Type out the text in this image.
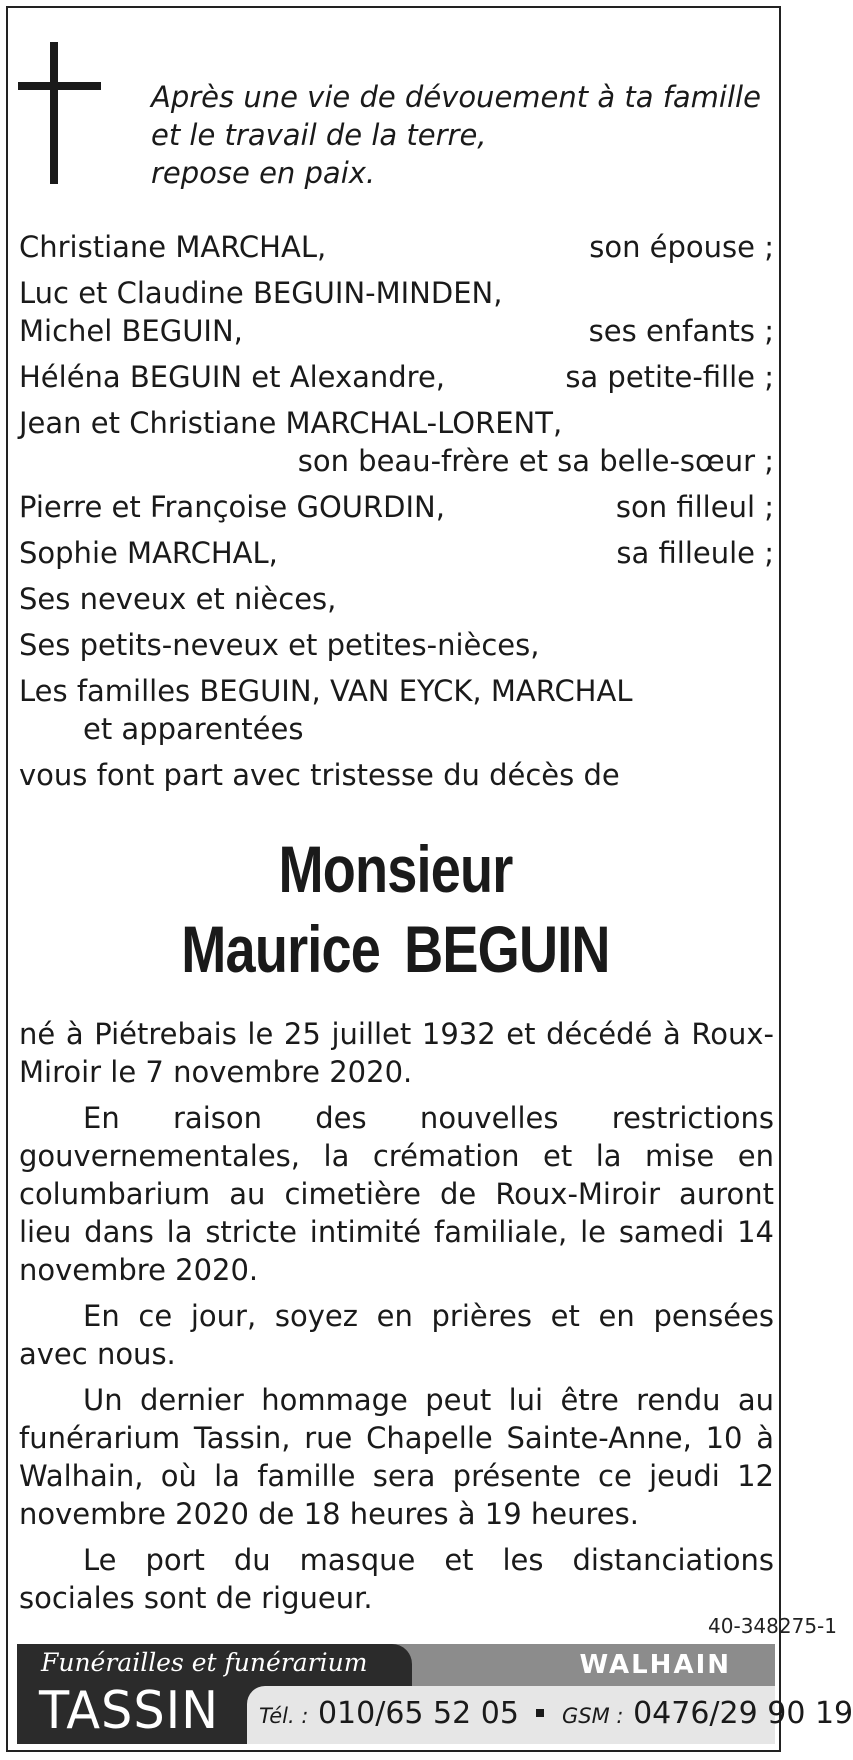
Après une vie de dévouement à ta famille
et le travail de la terre,
repose en paix.
Christiane MARCHAL,	son épouse ;
Luc et Claudine BEGUIN-MINDEN,
Michel BEGUIN,	ses enfants ;
Héléna BEGUIN et Alexandre,	sa petite-fille ;
Jean et Christiane MARCHAL-LORENT,
son beau-frère et sa belle-sœur ;
Pierre et Françoise GOURDIN,	son filleul ;
Sophie MARCHAL,	sa filleule ;
Ses neveux et nièces,
Ses petits-neveux et petites-nièces,
Les familles BEGUIN, VAN EYCK, MARCHAL
et apparentées
vous font part avec tristesse du décès de
Monsieur
Maurice BEGUIN

né à Piétrebais le 25 juillet 1932 et décédé à Roux-Miroir le 7 novembre 2020.

En raison des nouvelles restrictions gouvernementales, la crémation et la mise en columbarium au cimetière de Roux-Miroir auront lieu dans la stricte intimité familiale, le samedi 14 novembre 2020.

En ce jour, soyez en prières et en pensées avec nous.

Un dernier hommage peut lui être rendu au funérarium Tassin, rue Chapelle Sainte-Anne, 10 à Walhain, où la famille sera présente ce jeudi 12 novembre 2020 de 18 heures à 19 heures.

Le port du masque et les distanciations sociales sont de rigueur.

40-348275-1
Funérailles et funérarium
TASSIN
WALHAIN
Tél. : 010/65 52 05 GSM : 0476/29 90 19
